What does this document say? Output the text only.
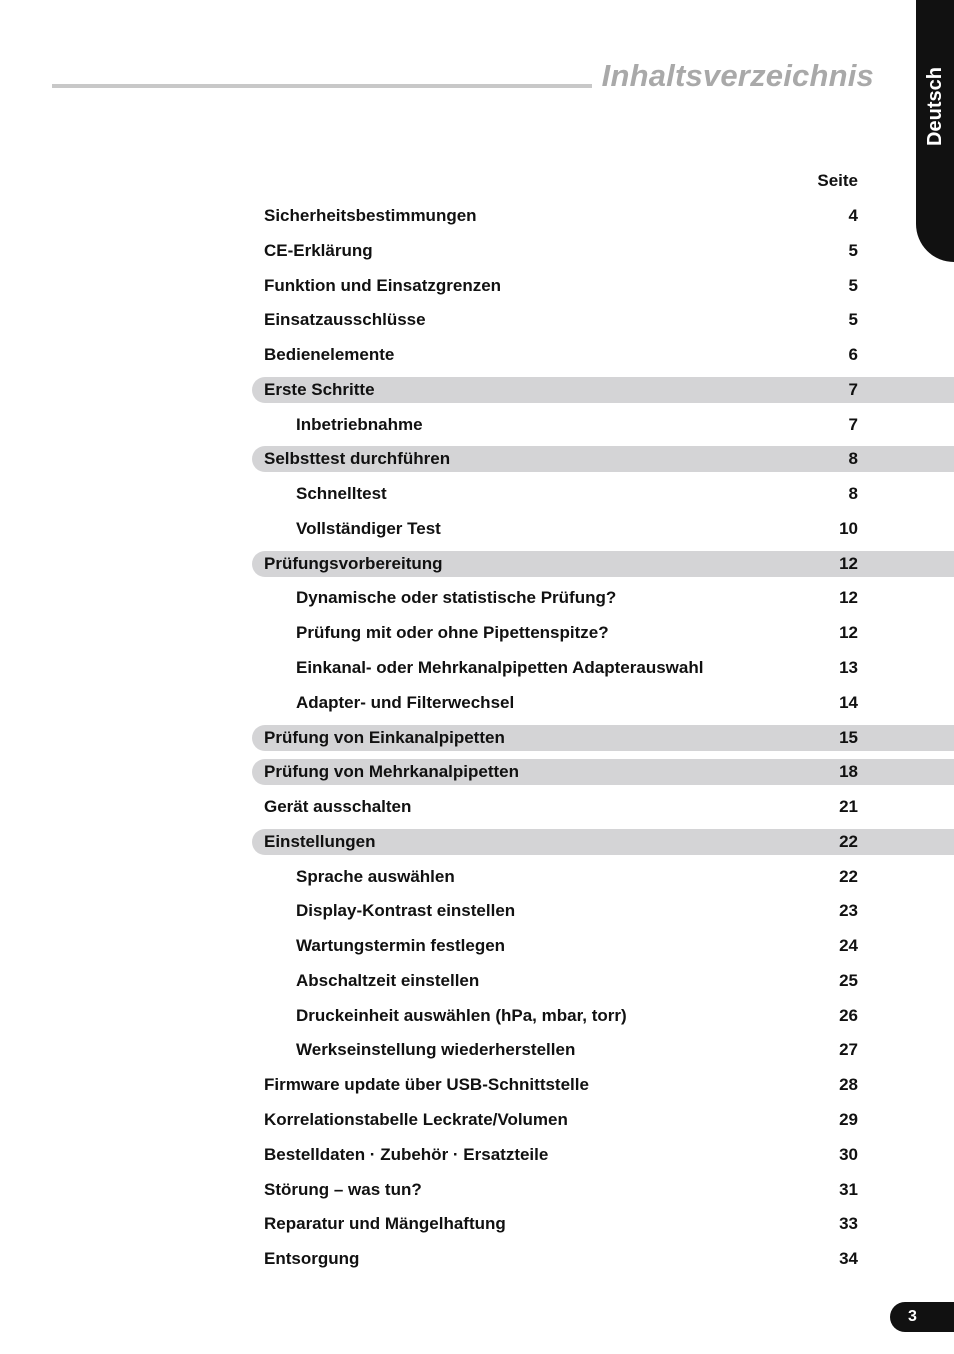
Inhaltsverzeichnis Deutsch
Seite
Sicherheitsbestimmungen	4
CE-Erklärung	5
Funktion und Einsatzgrenzen	5
Einsatzausschlüsse	5
Bedienelemente	6
Erste Schritte	7
Inbetriebnahme	7
Selbsttest durchführen	8
Schnelltest	8
Vollständiger Test	10
Prüfungsvorbereitung	12
Dynamische oder statistische Prüfung?	12
Prüfung mit oder ohne Pipettenspitze?	12
Einkanal- oder Mehrkanalpipetten Adapterauswahl	13
Adapter- und Filterwechsel	14
Prüfung von Einkanalpipetten	15
Prüfung von Mehrkanalpipetten	18
Gerät ausschalten	21
Einstellungen	22
Sprache auswählen	22
Display-Kontrast einstellen	23
Wartungstermin festlegen	24
Abschaltzeit einstellen	25
Druckeinheit auswählen (hPa, mbar, torr)	26
Werkseinstellung wiederherstellen	27
Firmware update über USB-Schnittstelle	28
Korrelationstabelle Leckrate/Volumen	29
Bestelldaten · Zubehör · Ersatzteile	30
Störung – was tun?	31
Reparatur und Mängelhaftung	33
Entsorgung	34
3
